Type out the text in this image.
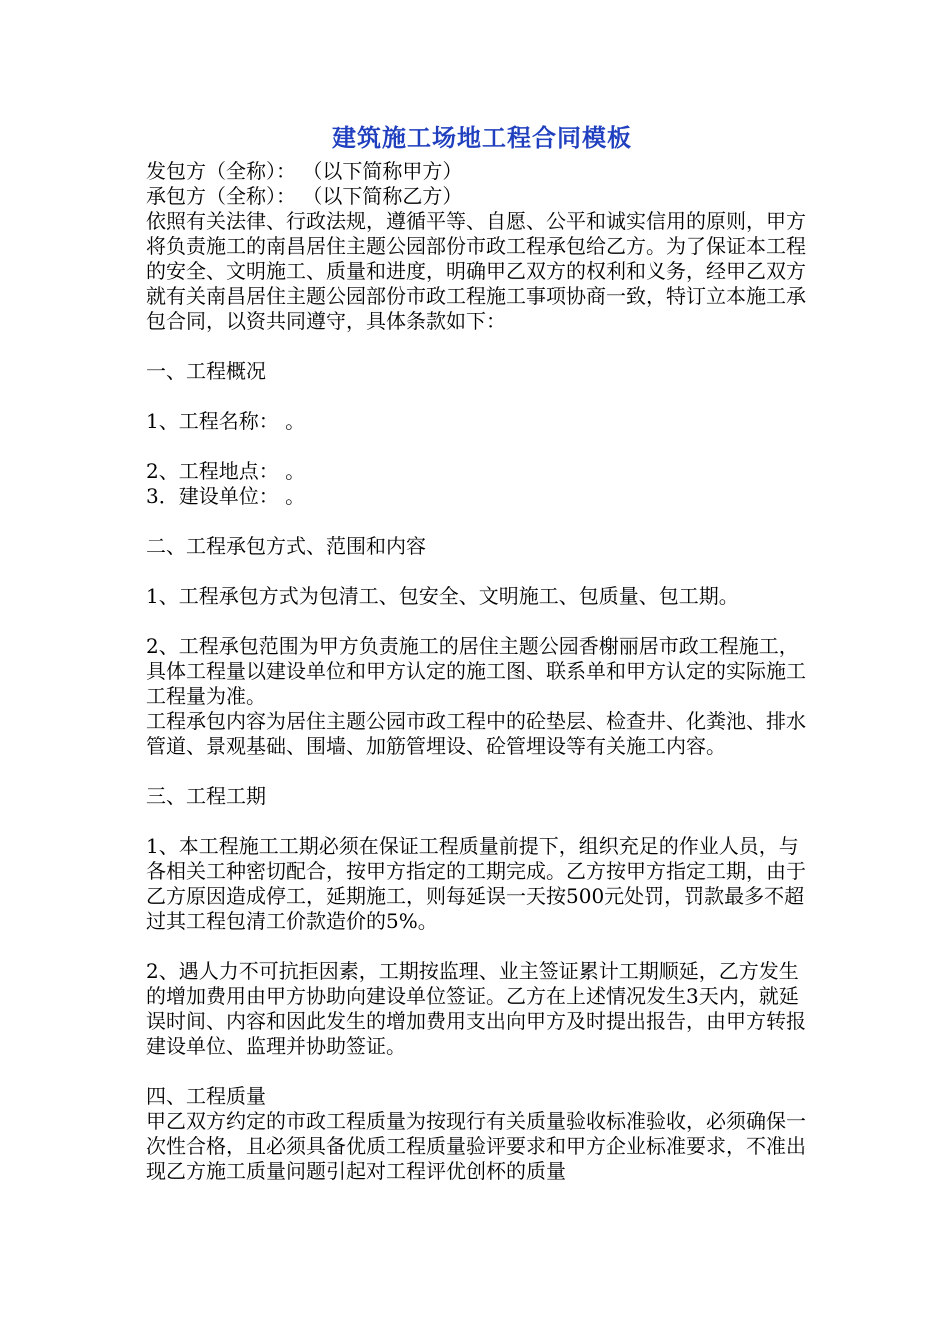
建筑施工场地工程合同模板

发包方（全称）： （以下简称甲方）

承包方（全称）： （以下简称乙方）

依照有关法律、行政法规，遵循平等、自愿、公平和诚实信用的原则，甲方将负责施工的南昌居住主题公园部份市政工程承包给乙方。为了保证本工程的安全、文明施工、质量和进度，明确甲乙双方的权利和义务，经甲乙双方就有关南昌居住主题公园部份市政工程施工事项协商一致，特订立本施工承包合同，以资共同遵守，具体条款如下：

一、工程概况

1、工程名称： 。

2、工程地点： 。

3．建设单位： 。

二、工程承包方式、范围和内容

1、工程承包方式为包清工、包安全、文明施工、包质量、包工期。

2、工程承包范围为甲方负责施工的居住主题公园香榭丽居市政工程施工，具体工程量以建设单位和甲方认定的施工图、联系单和甲方认定的实际施工工程量为准。

工程承包内容为居住主题公园市政工程中的砼垫层、检查井、化粪池、排水管道、景观基础、围墙、加筋管埋设、砼管埋设等有关施工内容。

三、工程工期

1、本工程施工工期必须在保证工程质量前提下，组织充足的作业人员，与各相关工种密切配合，按甲方指定的工期完成。乙方按甲方指定工期，由于乙方原因造成停工，延期施工，则每延误一天按500元处罚，罚款最多不超过其工程包清工价款造价的5%。

2、遇人力不可抗拒因素，工期按监理、业主签证累计工期顺延，乙方发生的增加费用由甲方协助向建设单位签证。乙方在上述情况发生3天内，就延误时间、内容和因此发生的增加费用支出向甲方及时提出报告，由甲方转报建设单位、监理并协助签证。

四、工程质量

甲乙双方约定的市政工程质量为按现行有关质量验收标准验收，必须确保一次性合格，且必须具备优质工程质量验评要求和甲方企业标准要求，不准出现乙方施工质量问题引起对工程评优创杯的质量
